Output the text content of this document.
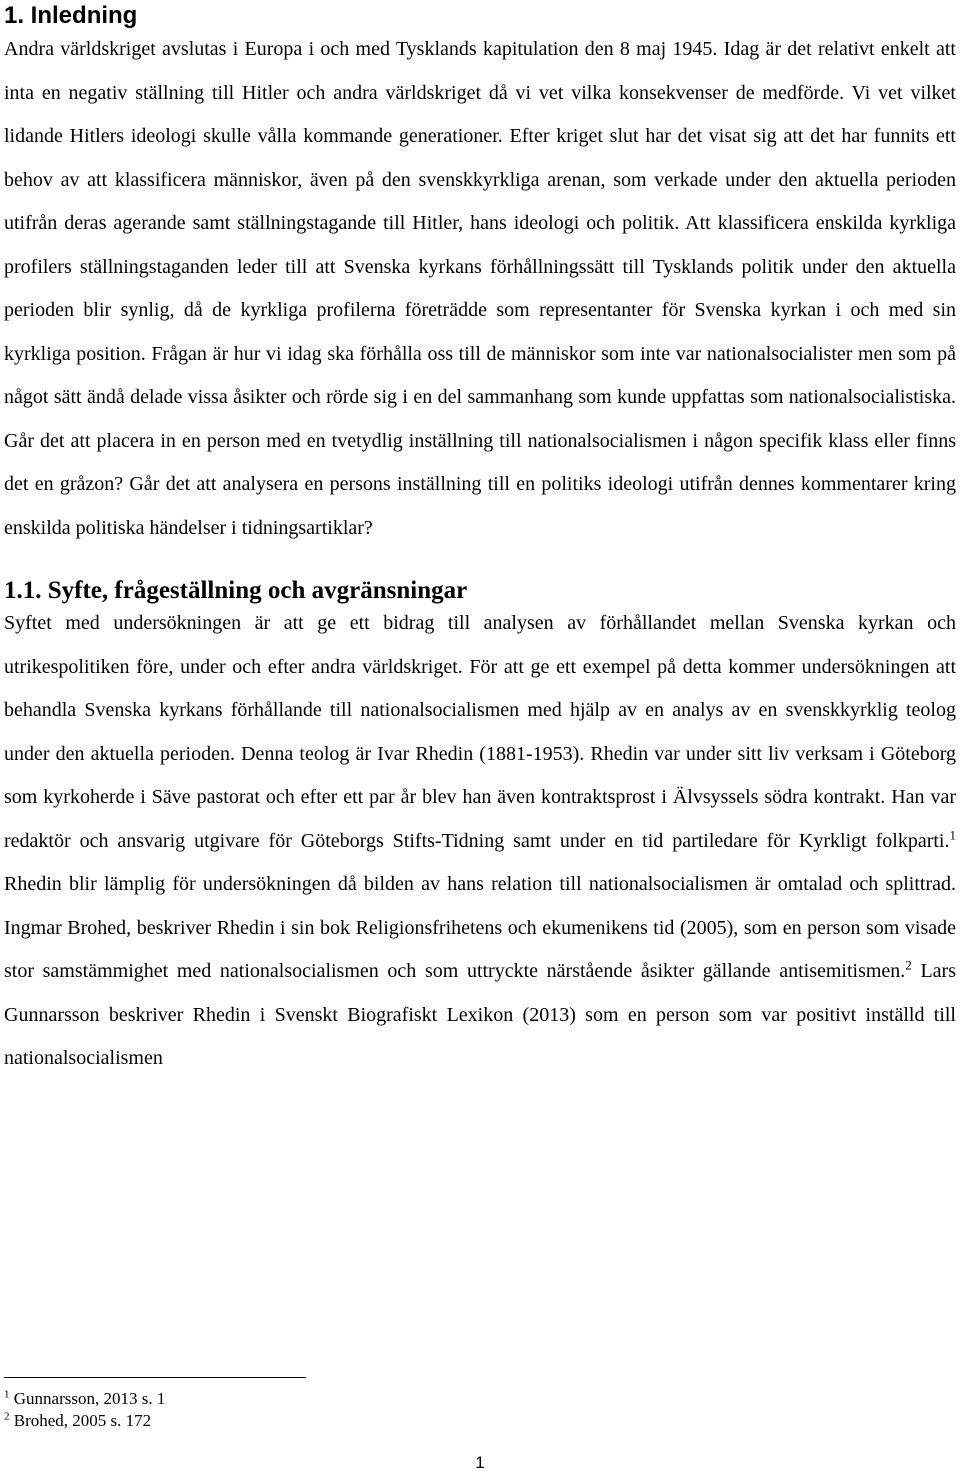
1. Inledning

Andra världskriget avslutas i Europa i och med Tysklands kapitulation den 8 maj 1945. Idag är det relativt enkelt att inta en negativ ställning till Hitler och andra världskriget då vi vet vilka konsekvenser de medförde. Vi vet vilket lidande Hitlers ideologi skulle vålla kommande generationer. Efter kriget slut har det visat sig att det har funnits ett behov av att klassificera människor, även på den svenskkyrkliga arenan, som verkade under den aktuella perioden utifrån deras agerande samt ställningstagande till Hitler, hans ideologi och politik. Att klassificera enskilda kyrkliga profilers ställningstaganden leder till att Svenska kyrkans förhållningssätt till Tysklands politik under den aktuella perioden blir synlig, då de kyrkliga profilerna företrädde som representanter för Svenska kyrkan i och med sin kyrkliga position. Frågan är hur vi idag ska förhålla oss till de människor som inte var nationalsocialister men som på något sätt ändå delade vissa åsikter och rörde sig i en del sammanhang som kunde uppfattas som nationalsocialistiska. Går det att placera in en person med en tvetydlig inställning till nationalsocialismen i någon specifik klass eller finns det en gråzon? Går det att analysera en persons inställning till en politiks ideologi utifrån dennes kommentarer kring enskilda politiska händelser i tidningsartiklar?

1.1. Syfte, frågeställning och avgränsningar

Syftet med undersökningen är att ge ett bidrag till analysen av förhållandet mellan Svenska kyrkan och utrikespolitiken före, under och efter andra världskriget. För att ge ett exempel på detta kommer undersökningen att behandla Svenska kyrkans förhållande till nationalsocialismen med hjälp av en analys av en svenskkyrklig teolog under den aktuella perioden. Denna teolog är Ivar Rhedin (1881-1953). Rhedin var under sitt liv verksam i Göteborg som kyrkoherde i Säve pastorat och efter ett par år blev han även kontraktsprost i Älvsyssels södra kontrakt. Han var redaktör och ansvarig utgivare för Göteborgs Stifts-Tidning samt under en tid partiledare för Kyrkligt folkparti.$^1$ Rhedin blir lämplig för undersökningen då bilden av hans relation till nationalsocialismen är omtalad och splittrad. Ingmar Brohed, beskriver Rhedin i sin bok Religionsfrihetens och ekumenikens tid (2005), som en person som visade stor samstämmighet med nationalsocialismen och som uttryckte närstående åsikter gällande antisemitismen.$^2$ Lars Gunnarsson beskriver Rhedin i Svenskt Biografiskt Lexikon (2013) som en person som var positivt inställd till nationalsocialismen

$^1$ Gunnarsson, 2013 s. 1

$^2$ Brohed, 2005 s. 172

1
